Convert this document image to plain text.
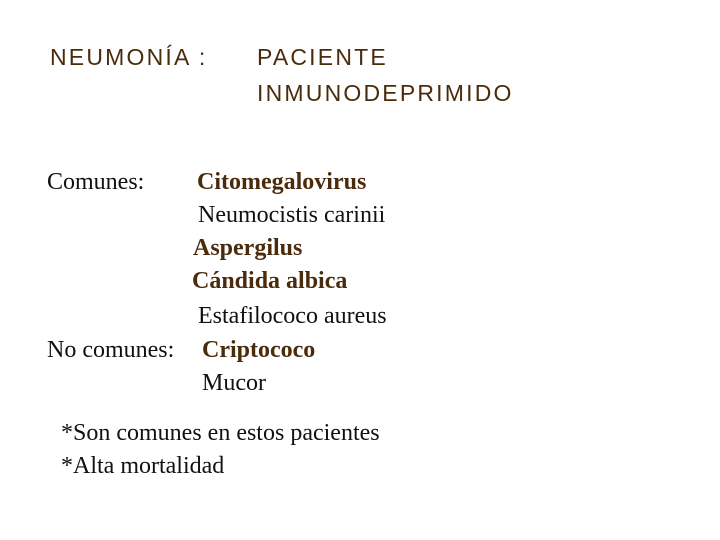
NEUMONÍA : PACIENTE
INMUNODEPRIMIDO
Comunes: Citomegalovirus
Neumocistis carinii
Aspergilus
Cándida albica
Estafilococo aureus
No comunes: Criptococo
Mucor
*Son comunes en estos pacientes
*Alta mortalidad
